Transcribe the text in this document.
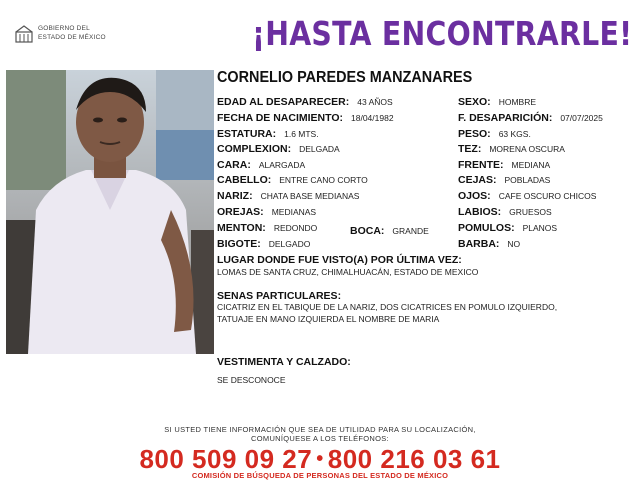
GOBIERNO DEL
ESTADO DE MÉXICO	¡HASTA ENCONTRARLE!
CORNELIO PAREDES MANZANARES
EDAD AL DESAPARECER: 43 AÑOS
FECHA DE NACIMIENTO: 18/04/1982
ESTATURA: 1.6 MTS.
COMPLEXION: DELGADA
CARA: ALARGADA
CABELLO: ENTRE CANO CORTO
NARIZ: CHATA BASE MEDIANAS
OREJAS: MEDIANAS
MENTON: REDONDO	BOCA: GRANDE
BIGOTE: DELGADO
SEXO: HOMBRE
F. DESAPARICIÓN: 07/07/2025
PESO: 63 KGS.
TEZ: MORENA OSCURA
FRENTE: MEDIANA
CEJAS: POBLADAS
OJOS: CAFE OSCURO CHICOS
LABIOS: GRUESOS
POMULOS: PLANOS
BARBA: NO
LUGAR DONDE FUE VISTO(A) POR ÚLTIMA VEZ:
LOMAS DE SANTA CRUZ, CHIMALHUACÁN, ESTADO DE MEXICO
SENAS PARTICULARES:
CICATRIZ EN EL TABIQUE DE LA NARIZ, DOS CICATRICES EN POMULO IZQUIERDO,
TATUAJE EN MANO IZQUIERDA EL NOMBRE DE MARIA
VESTIMENTA Y CALZADO:
SE DESCONOCE
SI USTED TIENE INFORMACIÓN QUE SEA DE UTILIDAD PARA SU LOCALIZACIÓN,
COMUNÍQUESE A LOS TELÉFONOS:
800 509 09 27 • 800 216 03 61
COMISIÓN DE BÚSQUEDA DE PERSONAS DEL ESTADO DE MÉXICO
